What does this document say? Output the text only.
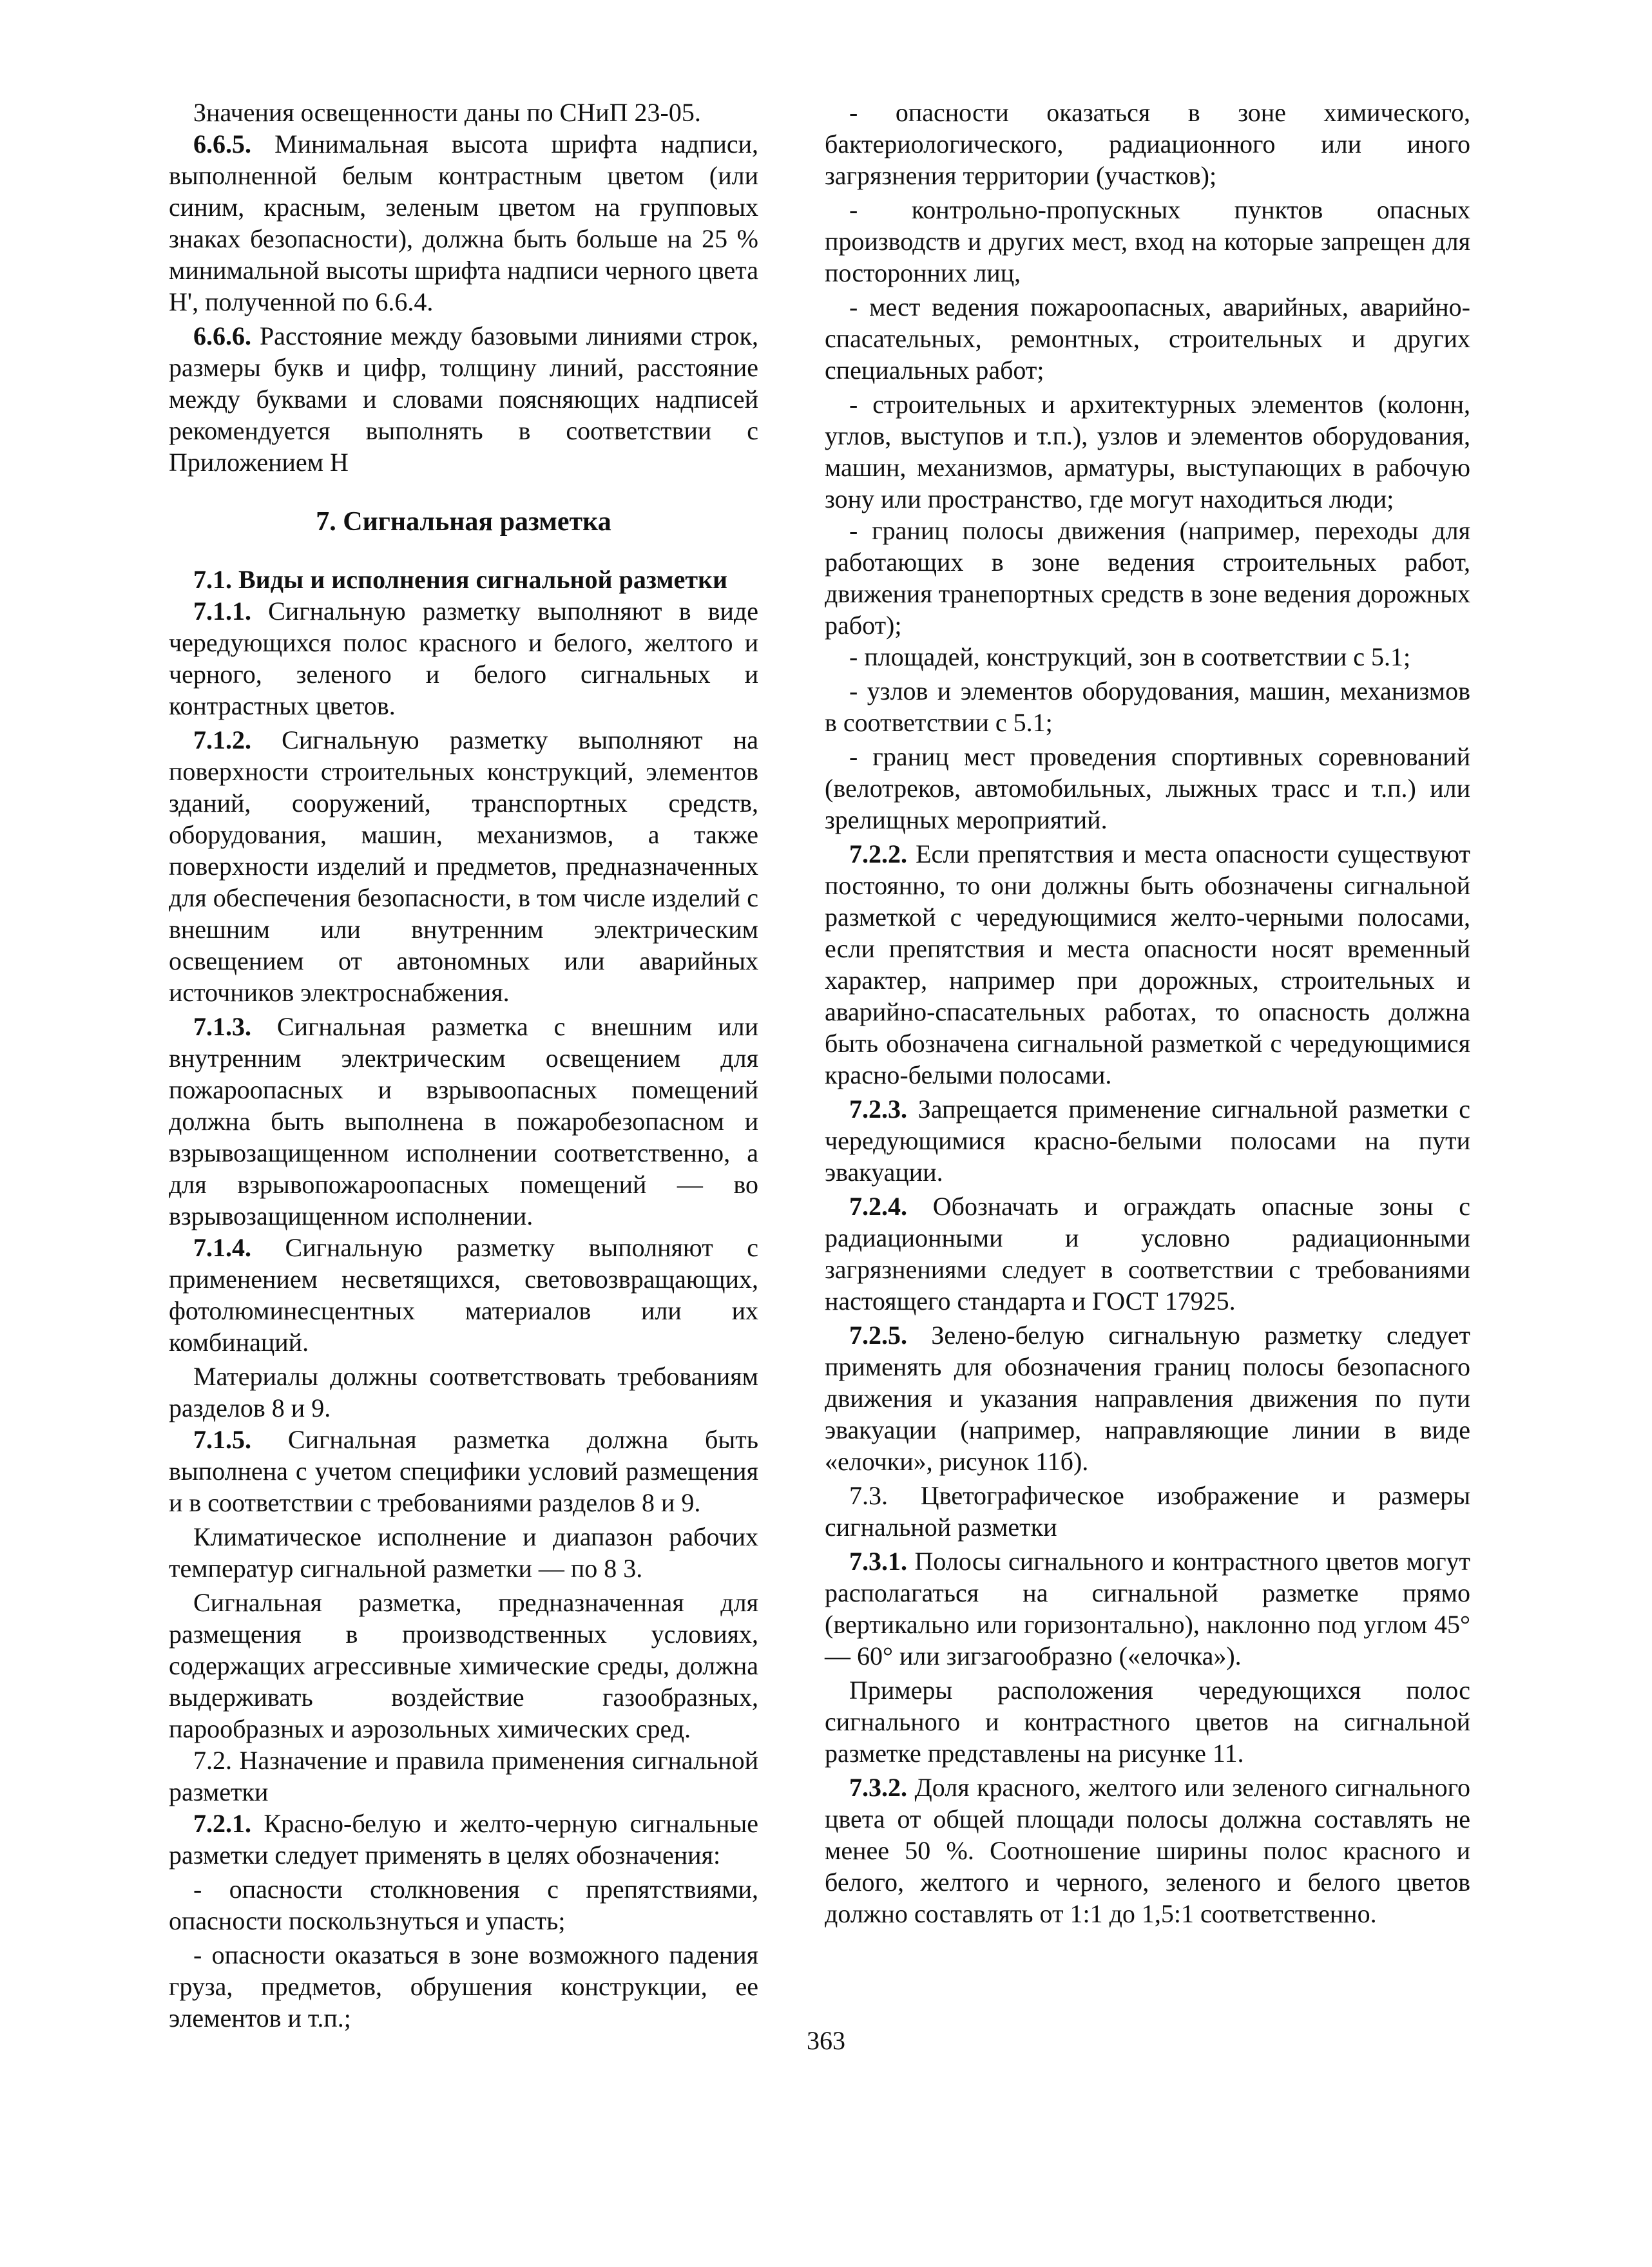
Значения освещенности даны по СНиП 23-05.

6.6.5. Минимальная высота шрифта надписи, выполненной белым контрастным цветом (или синим, красным, зеленым цветом на групповых знаках безопасности), должна быть больше на 25 % минимальной высоты шрифта надписи черного цвета H', полученной по 6.6.4.

6.6.6. Расстояние между базовыми линиями строк, размеры букв и цифр, толщину линий, расстояние между буквами и словами поясняющих надписей рекомендуется выполнять в соответствии с Приложением Н

7. Сигнальная разметка

7.1. Виды и исполнения сигнальной разметки

7.1.1. Сигнальную разметку выполняют в виде чередующихся полос красного и белого, желтого и черного, зеленого и белого сигнальных и контрастных цветов.

7.1.2. Сигнальную разметку выполняют на поверхности строительных конструкций, элементов зданий, сооружений, транспортных средств, оборудования, машин, механизмов, а также поверхности изделий и предметов, предназначенных для обеспечения безопасности, в том числе изделий с внешним или внутренним электрическим освещением от автономных или аварийных источников электроснабжения.

7.1.3. Сигнальная разметка с внешним или внутренним электрическим освещением для пожароопасных и взрывоопасных помещений должна быть выполнена в пожаробезопасном и взрывозащищенном исполнении соответственно, а для взрывопожароопасных помещений — во взрывозащищенном исполнении.

7.1.4. Сигнальную разметку выполняют с применением несветящихся, световозвращающих, фотолюминесцентных материалов или их комбинаций.

Материалы должны соответствовать требованиям разделов 8 и 9.

7.1.5. Сигнальная разметка должна быть выполнена с учетом специфики условий размещения и в соответствии с требованиями разделов 8 и 9.

Климатическое исполнение и диапазон рабочих температур сигнальной разметки — по 8 3.

Сигнальная разметка, предназначенная для размещения в производственных условиях, содержащих агрессивные химические среды, должна выдерживать воздействие газообразных, парообразных и аэрозольных химических сред.

7.2. Назначение и правила применения сигнальной разметки

7.2.1. Красно-белую и желто-черную сигнальные разметки следует применять в целях обозначения:

- опасности столкновения с препятствиями, опасности поскользнуться и упасть;

- опасности оказаться в зоне возможного падения груза, предметов, обрушения конструкции, ее элементов и т.п.;

- опасности оказаться в зоне химического, бактериологического, радиационного или иного загрязнения территории (участков);

- контрольно-пропускных пунктов опасных производств и других мест, вход на которые запрещен для посторонних лиц,

- мест ведения пожароопасных, аварийных, аварийно-спасательных, ремонтных, строительных и других специальных работ;

- строительных и архитектурных элементов (колонн, углов, выступов и т.п.), узлов и элементов оборудования, машин, механизмов, арматуры, выступающих в рабочую зону или пространство, где могут находиться люди;

- границ полосы движения (например, переходы для работающих в зоне ведения строительных работ, движения транепортных средств в зоне ведения дорожных работ);

- площадей, конструкций, зон в соответствии с 5.1;

- узлов и элементов оборудования, машин, механизмов в соответствии с 5.1;

- границ мест проведения спортивных соревнований (велотреков, автомобильных, лыжных трасс и т.п.) или зрелищных мероприятий.

7.2.2. Если препятствия и места опасности существуют постоянно, то они должны быть обозначены сигнальной разметкой с чередующимися желто-черными полосами, если препятствия и места опасности носят временный характер, например при дорожных, строительных и аварийно-спасательных работах, то опасность должна быть обозначена сигнальной разметкой с чередующимися красно-белыми полосами.

7.2.3. Запрещается применение сигнальной разметки с чередующимися красно-белыми полосами на пути эвакуации.

7.2.4. Обозначать и ограждать опасные зоны с радиационными и условно радиационными загрязнениями следует в соответствии с требованиями настоящего стандарта и ГОСТ 17925.

7.2.5. Зелено-белую сигнальную разметку следует применять для обозначения границ полосы безопасного движения и указания направления движения по пути эвакуации (например, направляющие линии в виде «елочки», рисунок 11б).

7.3. Цветографическое изображение и размеры сигнальной разметки

7.3.1. Полосы сигнального и контрастного цветов могут располагаться на сигнальной разметке прямо (вертикально или горизонтально), наклонно под углом 45° — 60° или зигзагообразно («елочка»).

Примеры расположения чередующихся полос сигнального и контрастного цветов на сигнальной разметке представлены на рисунке 11.

7.3.2. Доля красного, желтого или зеленого сигнального цвета от общей площади полосы должна составлять не менее 50 %. Соотношение ширины полос красного и белого, желтого и черного, зеленого и белого цветов должно составлять от 1:1 до 1,5:1 соответственно.

363
